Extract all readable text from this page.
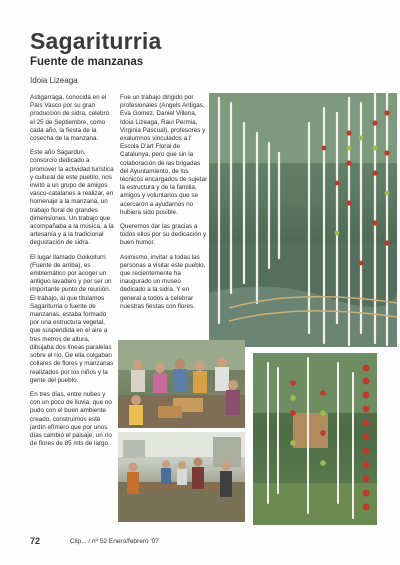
Sagariturria
Fuente de manzanas
Idoia Lizeaga

Astigarraga, conocida en el País Vasco por su gran producción de sidra, celebró el 25 de Septiembre, como cada año, la fiesta de la cosecha de la manzana.

Este año Sagardun, consorcio dedicado a promover la actividad turística y cultural de este pueblo, nos invitó a un grupo de amigos vasco-catalanes a realizar, en homenaje a la manzana, un trabajo floral de grandes dimensiones. Un trabajo que acompañaba a la música, a la artesanía y a la tradicional degustación de sidra.

El lugar llamado Goikoiturri (Fuente de arriba), es emblemático por acoger un antiguo lavadero y por ser un importante punto de reunión. El trabajo, al que titulamos Sagariturria o fuente de manzanas, estaba formado por una estructura vegetal, que suspendida en el aire a tres metros de altura, dibujaba dos líneas paralelas sobre el río. De ella colgaban collares de flores y manzanas realizados por los niños y la gente del pueblo.

En tres días, entre nubes y con un poco de lluvia, que no pudo con el buen ambiente creado, construimos este jardín efímero que por unos días cambió el paisaje, un río de flores de 85 mts de largo.

Fue un trabajo dirigido por profesionales (Angels Antigas, Eva Gomez, Daniel Villena, Idoia Lizeaga, Raul Permia, Virginia Pascual), profesores y exalumnos vinculados a l' Escola D'art Floral de Catalunya, pero que sin la colaboración de las brigadas del Ayuntamiento, de los técnicos encargados de sujetar la estructura y de la familia, amigos y voluntarios que se acercaron a ayudarnos no hubiera sido posible.

Queremos dar las gracias a todos ellos por su dedicación y buen humor.

Asimismo, invitar a todas las personas a visitar este pueblo, que recientemente ha inaugurado un museo dedicado a la sidra. Y en general a todos a celebrar nuestras fiestas con flores.

72	Clip... / nº 52 Enero/febrero '07
